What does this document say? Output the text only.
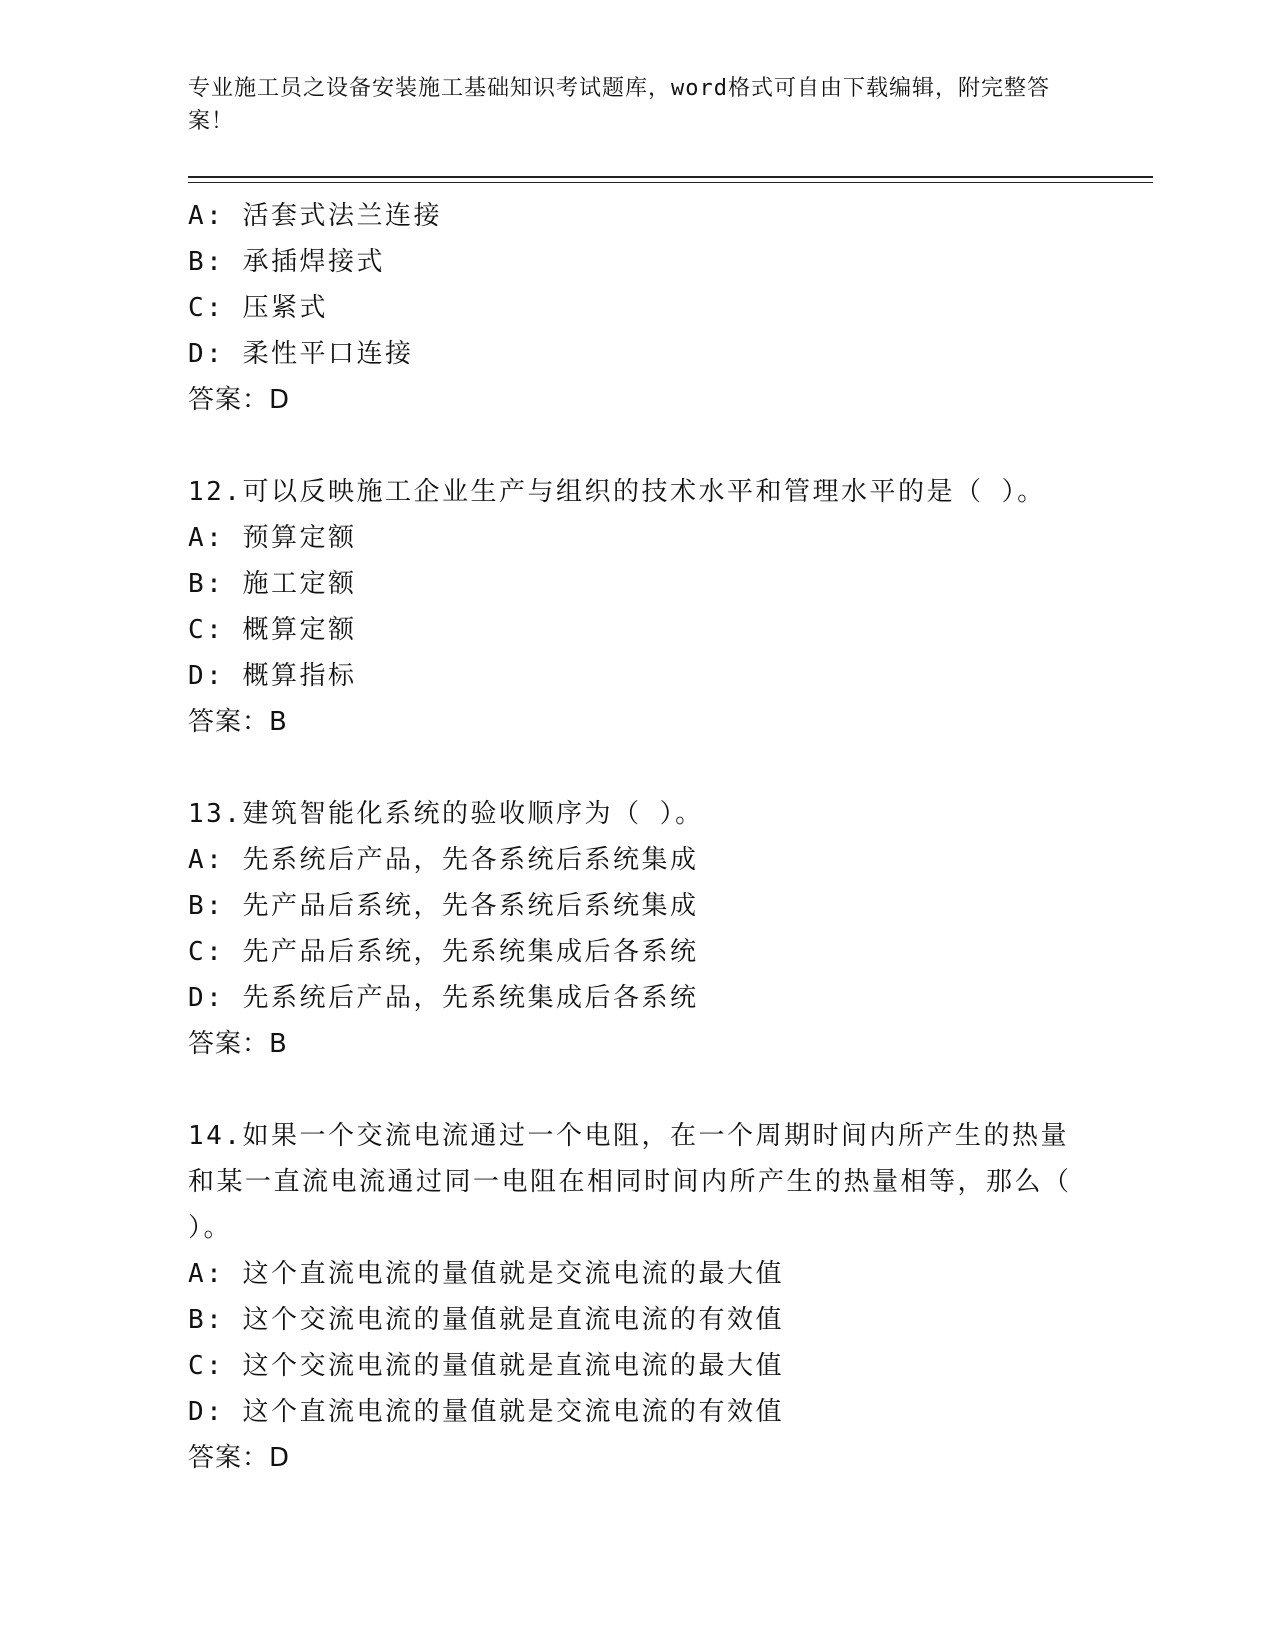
专业施工员之设备安装施工基础知识考试题库，word格式可自由下载编辑，附完整答案！

A: 活套式法兰连接
B: 承插焊接式
C: 压紧式
D: 柔性平口连接
答案：D
12.可以反映施工企业生产与组织的技术水平和管理水平的是（ ）。
A: 预算定额
B: 施工定额
C: 概算定额
D: 概算指标
答案：B
13.建筑智能化系统的验收顺序为（ ）。
A: 先系统后产品，先各系统后系统集成
B: 先产品后系统，先各系统后系统集成
C: 先产品后系统，先系统集成后各系统
D: 先系统后产品，先系统集成后各系统
答案：B
14.如果一个交流电流通过一个电阻，在一个周期时间内所产生的热量和某一直流电流通过同一电阻在相同时间内所产生的热量相等，那么（ ）。
A: 这个直流电流的量值就是交流电流的最大值
B: 这个交流电流的量值就是直流电流的有效值
C: 这个交流电流的量值就是直流电流的最大值
D: 这个直流电流的量值就是交流电流的有效值
答案：D
